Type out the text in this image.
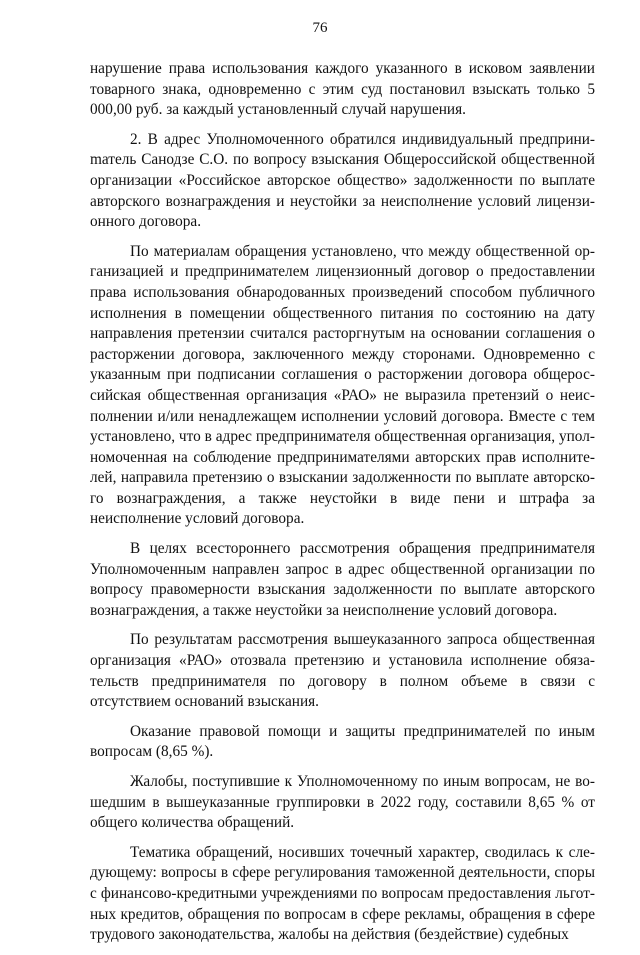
76

нарушение права использования каждого указанного в исковом заявлении товарного знака, одновременно с этим суд постановил взыскать только 5 000,00 руб. за каждый установленный случай нарушения.

2. В адрес Уполномоченного обратился индивидуальный предприниmатель Санодзе С.О. по вопросу взыскания Общероссийской общественной организации «Российское авторское общество» задолженности по выплате авторского вознаграждения и неустойки за неисполнение условий лицензионного договора.

По материалам обращения установлено, что между общественной организацией и предпринимателем лицензионный договор о предоставлении права использования обнародованных произведений способом публичного исполнения в помещении общественного питания по состоянию на дату направления претензии считался расторгнутым на основании соглашения о расторжении договора, заключенного между сторонами. Одновременно с указанным при подписании соглашения о расторжении договора общероссийская общественная организация «РАО» не выразила претензий о неисполнении и/или ненадлежащем исполнении условий договора. Вместе с тем установлено, что в адрес предпринимателя общественная организация, уполномоченная на соблюдение предпринимателями авторских прав исполнителей, направила претензию о взыскании задолженности по выплате авторского вознаграждения, а также неустойки в виде пени и штрафа за неисполнение условий договора.

В целях всестороннего рассмотрения обращения предпринимателя Уполномоченным направлен запрос в адрес общественной организации по вопросу правомерности взыскания задолженности по выплате авторского вознаграждения, а также неустойки за неисполнение условий договора.

По результатам рассмотрения вышеуказанного запроса общественная организация «РАО» отозвала претензию и установила исполнение обязательств предпринимателя по договору в полном объеме в связи с отсутствием оснований взыскания.

Оказание правовой помощи и защиты предпринимателей по иным вопросам (8,65 %).

Жалобы, поступившие к Уполномоченному по иным вопросам, не вошедшим в вышеуказанные группировки в 2022 году, составили 8,65 % от общего количества обращений.

Тематика обращений, носивших точечный характер, сводилась к следующему: вопросы в сфере регулирования таможенной деятельности, споры с финансово-кредитными учреждениями по вопросам предоставления льготных кредитов, обращения по вопросам в сфере рекламы, обращения в сфере трудового законодательства, жалобы на действия (бездействие) судебных
